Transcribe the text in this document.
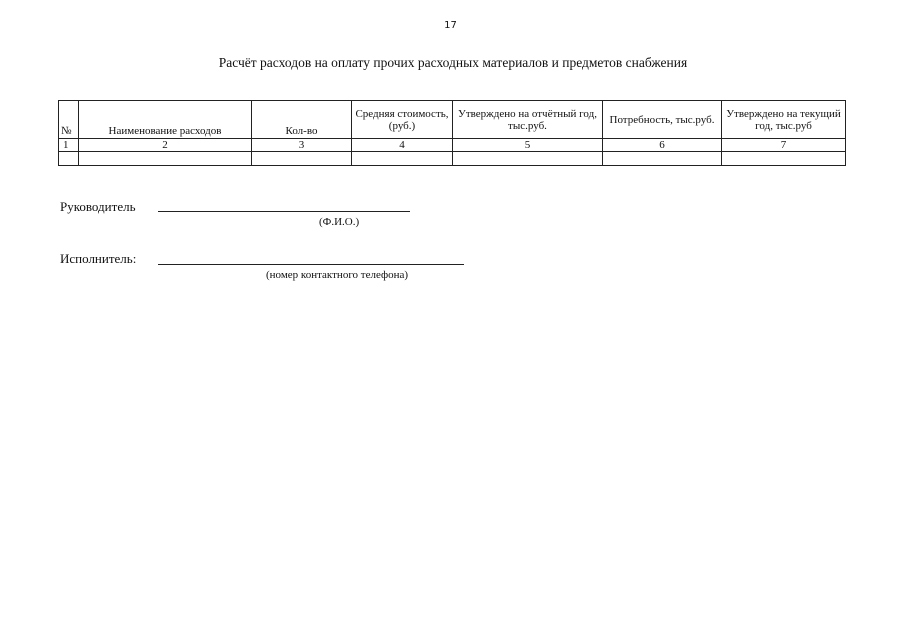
17
Расчёт расходов на оплату прочих расходных материалов и предметов снабжения
№	Наименование расходов	Кол-во	Средняя стоимость, (руб.)	Утверждено на отчётный год, тыс.руб.	Потребность, тыс.руб.	Утверждено на текущий год, тыс.руб
1	2	3	4	5	6	7

Руководитель
(Ф.И.О.)
Исполнитель:
(номер контактного телефона)
